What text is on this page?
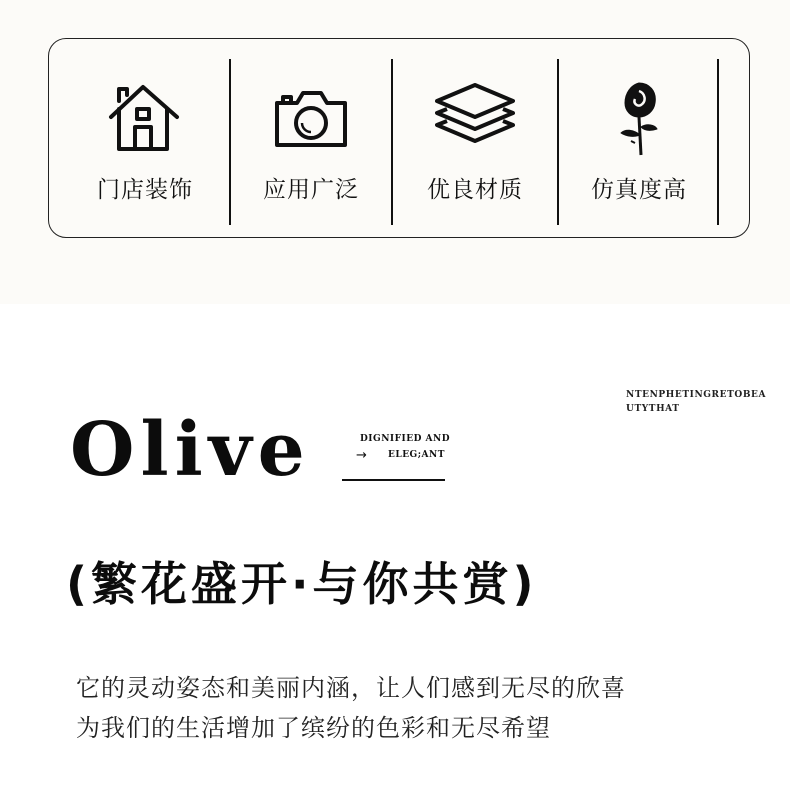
门店装饰	应用广泛	优良材质	仿真度高
NTENPHETINGRETOBEA
UTYTHAT
Olive	DIGNIFIED AND
→ ELEG;ANT
(繁花盛开·与你共赏)
它的灵动姿态和美丽内涵，让人们感到无尽的欣喜
为我们的生活增加了缤纷的色彩和无尽希望
